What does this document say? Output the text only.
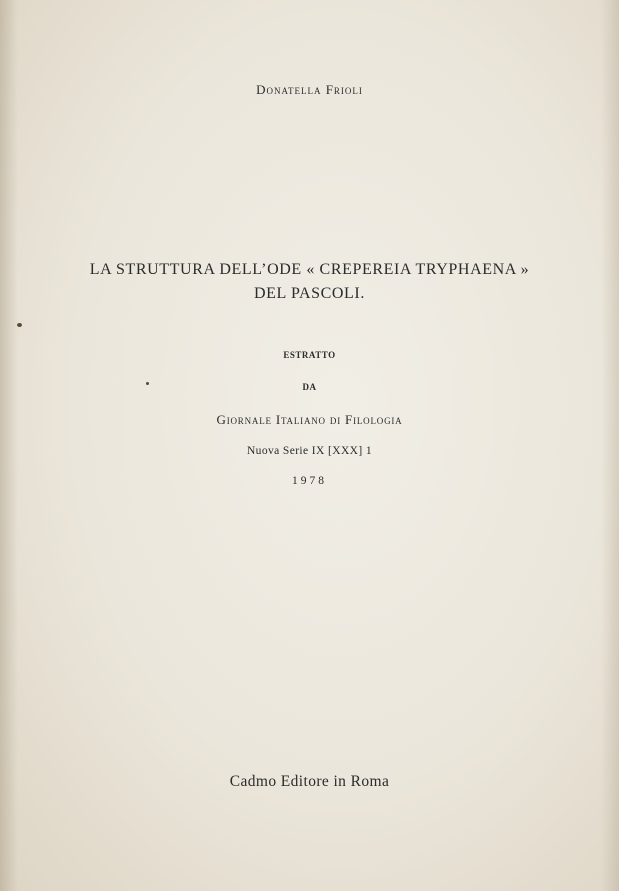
Donatella Frioli
LA STRUTTURA DELL’ODE « CREPEREIA TRYPHAENA »
DEL PASCOLI.
ESTRATTO
DA
Giornale Italiano di Filologia
Nuova Serie IX [XXX] 1
1978
Cadmo Editore in Roma
